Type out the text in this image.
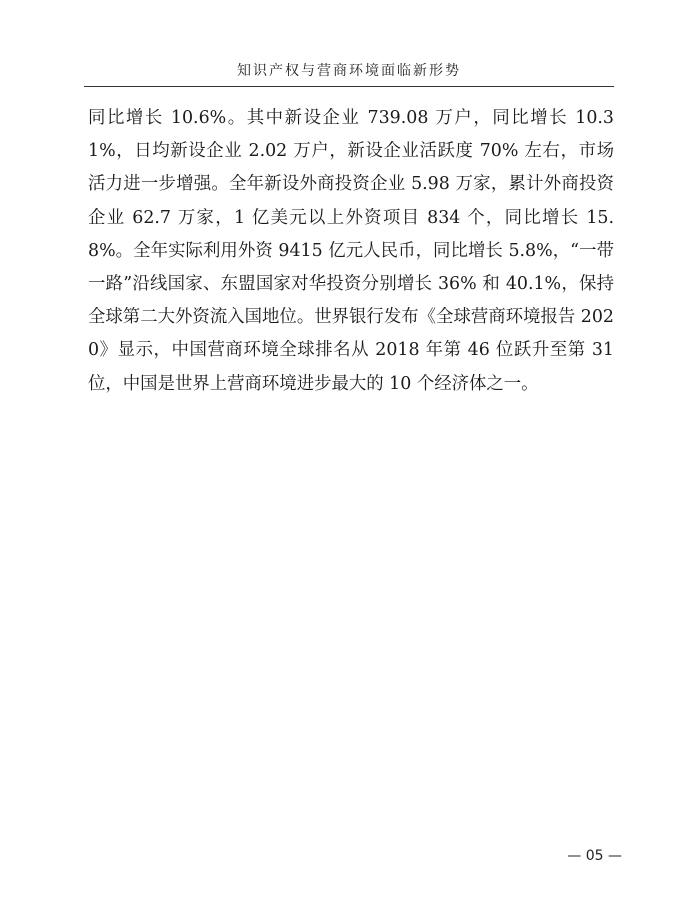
知识产权与营商环境面临新形势

同比增长 10.6%。其中新设企业 739.08 万户，同比增长 10.31%，日均新设企业 2.02 万户，新设企业活跃度 70% 左右，市场活力进一步增强。全年新设外商投资企业 5.98 万家，累计外商投资企业 62.7 万家，1 亿美元以上外资项目 834 个，同比增长 15.8%。全年实际利用外资 9415 亿元人民币，同比增长 5.8%，“一带一路”沿线国家、东盟国家对华投资分别增长 36% 和 40.1%，保持全球第二大外资流入国地位。世界银行发布《全球营商环境报告 2020》显示，中国营商环境全球排名从 2018 年第 46 位跃升至第 31 位，中国是世界上营商环境进步最大的 10 个经济体之一。

— 05 —
